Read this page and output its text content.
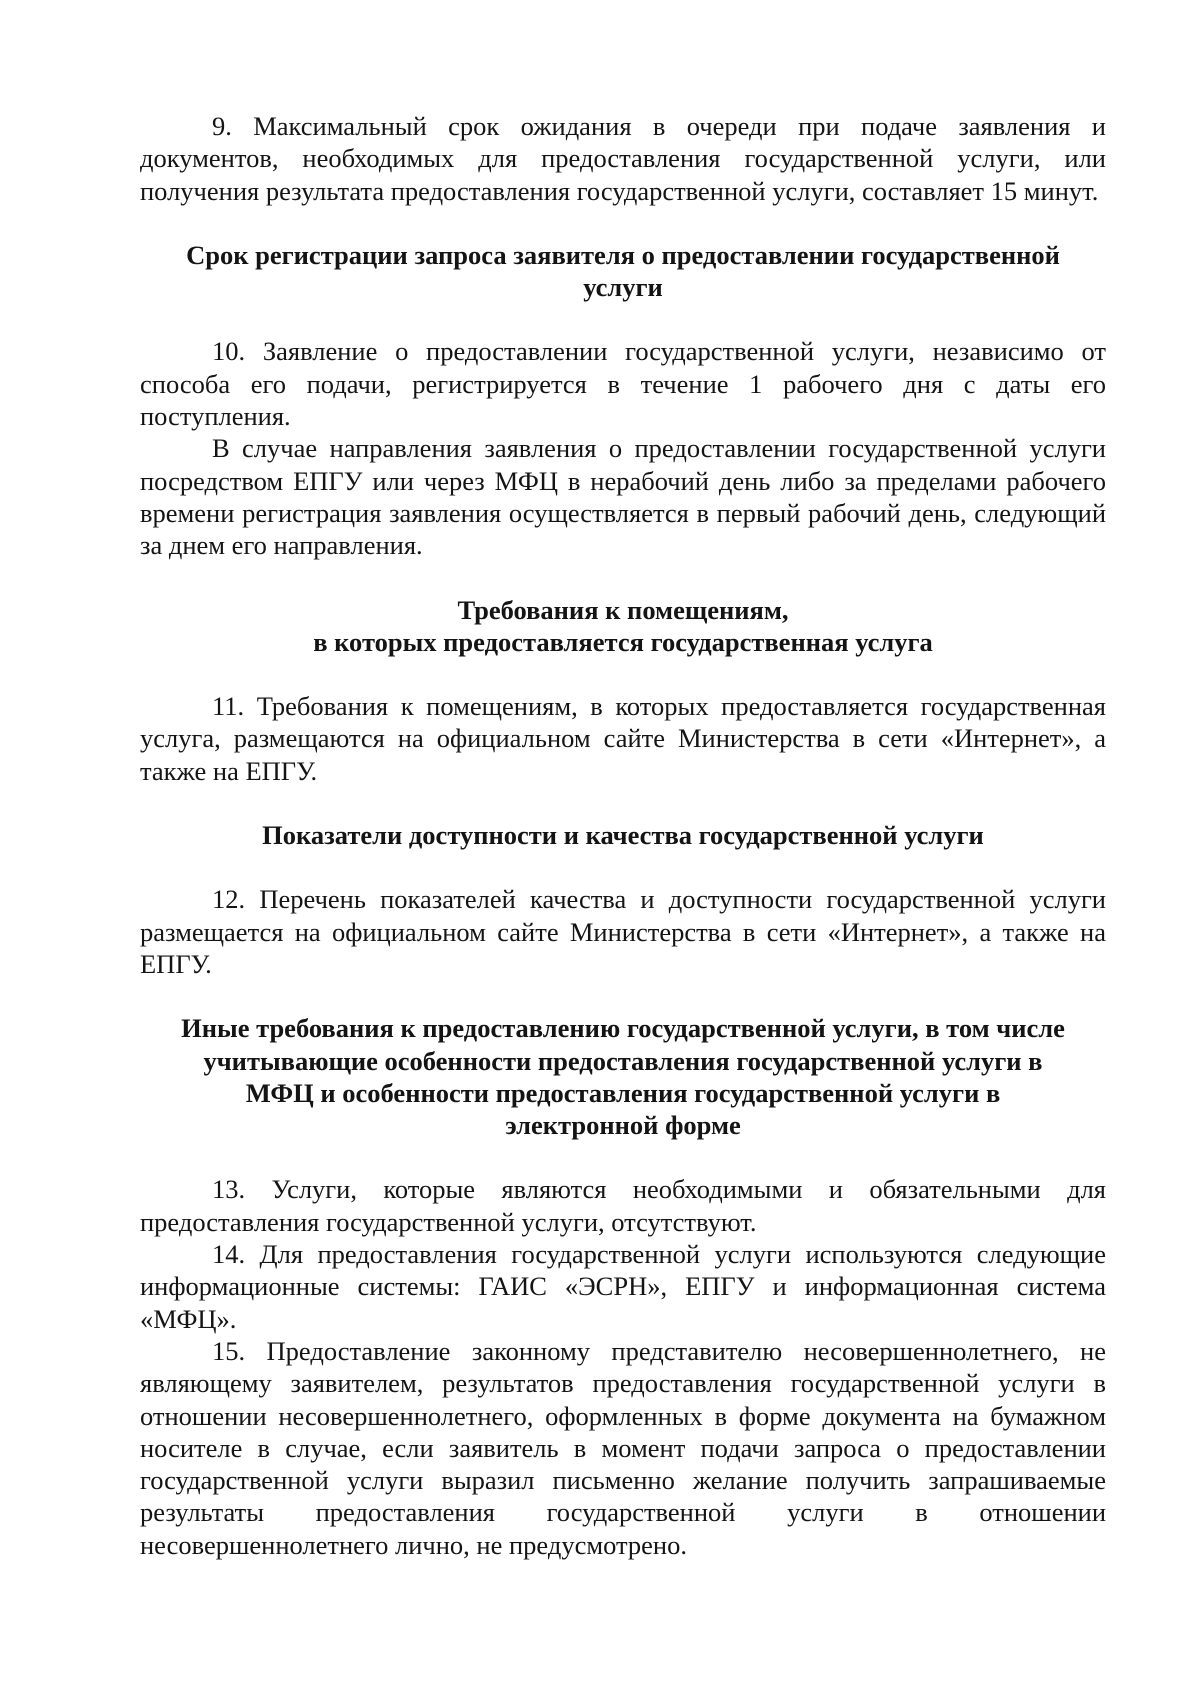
9. Максимальный срок ожидания в очереди при подаче заявления и документов, необходимых для предоставления государственной услуги, или получения результата предоставления государственной услуги, составляет 15 минут.

Срок регистрации запроса заявителя о предоставлении государственной
услуги

10. Заявление о предоставлении государственной услуги, независимо от способа его подачи, регистрируется в течение 1 рабочего дня с даты его поступления.

В случае направления заявления о предоставлении государственной услуги посредством ЕПГУ или через МФЦ в нерабочий день либо за пределами рабочего времени регистрация заявления осуществляется в первый рабочий день, следующий за днем его направления.

Требования к помещениям,
в которых предоставляется государственная услуга

11. Требования к помещениям, в которых предоставляется государственная услуга, размещаются на официальном сайте Министерства в сети «Интернет», а также на ЕПГУ.

Показатели доступности и качества государственной услуги

12. Перечень показателей качества и доступности государственной услуги размещается на официальном сайте Министерства в сети «Интернет», а также на ЕПГУ.

Иные требования к предоставлению государственной услуги, в том числе
учитывающие особенности предоставления государственной услуги в
МФЦ и особенности предоставления государственной услуги в
электронной форме

13. Услуги, которые являются необходимыми и обязательными для предоставления государственной услуги, отсутствуют.

14. Для предоставления государственной услуги используются следующие информационные системы: ГАИС «ЭСРН», ЕПГУ и информационная система «МФЦ».

15. Предоставление законному представителю несовершеннолетнего, не являющему заявителем, результатов предоставления государственной услуги в отношении несовершеннолетнего, оформленных в форме документа на бумажном носителе в случае, если заявитель в момент подачи запроса о предоставлении государственной услуги выразил письменно желание получить запрашиваемые результаты предоставления государственной услуги в отношении несовершеннолетнего лично, не предусмотрено.
